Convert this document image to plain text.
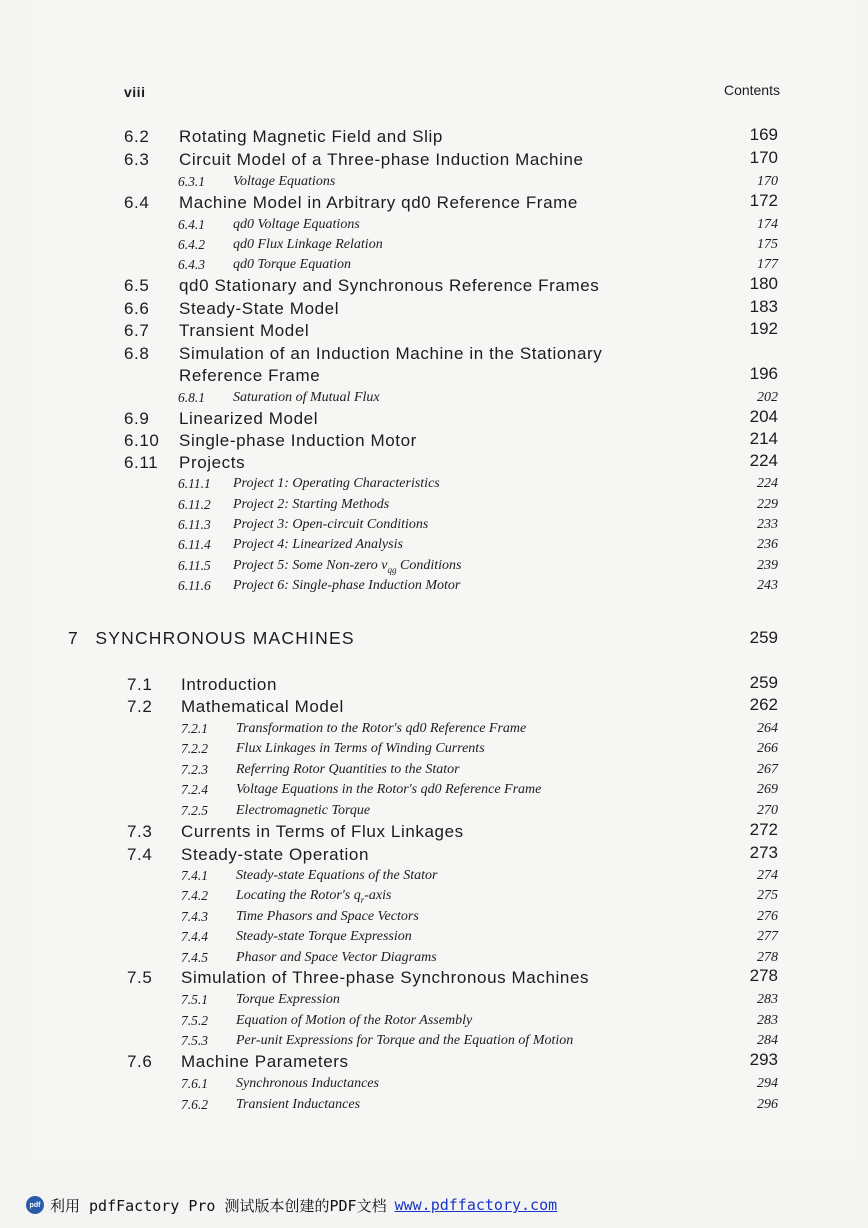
viii	Contents
6.2 Rotating Magnetic Field and Slip	169
6.3 Circuit Model of a Three-phase Induction Machine	170
6.3.1 Voltage Equations	170
6.4 Machine Model in Arbitrary qd0 Reference Frame	172
6.4.1 qd0 Voltage Equations	174
6.4.2 qd0 Flux Linkage Relation	175
6.4.3 qd0 Torque Equation	177
6.5 qd0 Stationary and Synchronous Reference Frames	180
6.6 Steady-State Model	183
6.7 Transient Model	192
6.8 Simulation of an Induction Machine in the Stationary
Reference Frame	196
6.8.1 Saturation of Mutual Flux	202
6.9 Linearized Model	204
6.10 Single-phase Induction Motor	214
6.11 Projects	224
6.11.1 Project 1: Operating Characteristics	224
6.11.2 Project 2: Starting Methods	229
6.11.3 Project 3: Open-circuit Conditions	233
6.11.4 Project 4: Linearized Analysis	236
6.11.5 Project 5: Some Non-zero $v_{qg}$ Conditions	239
6.11.6 Project 6: Single-phase Induction Motor	243
7 SYNCHRONOUS MACHINES	259
7.1 Introduction	259
7.2 Mathematical Model	262
7.2.1 Transformation to the Rotor's qd0 Reference Frame	264
7.2.2 Flux Linkages in Terms of Winding Currents	266
7.2.3 Referring Rotor Quantities to the Stator	267
7.2.4 Voltage Equations in the Rotor's qd0 Reference Frame	269
7.2.5 Electromagnetic Torque	270
7.3 Currents in Terms of Flux Linkages	272
7.4 Steady-state Operation	273
7.4.1 Steady-state Equations of the Stator	274
7.4.2 Locating the Rotor's $q_r$-axis	275
7.4.3 Time Phasors and Space Vectors	276
7.4.4 Steady-state Torque Expression	277
7.4.5 Phasor and Space Vector Diagrams	278
7.5 Simulation of Three-phase Synchronous Machines	278
7.5.1 Torque Expression	283
7.5.2 Equation of Motion of the Rotor Assembly	283
7.5.3 Per-unit Expressions for Torque and the Equation of Motion	284
7.6 Machine Parameters	293
7.6.1 Synchronous Inductances	294
7.6.2 Transient Inductances	296
pdf 利用 pdfFactory Pro 测试版本创建的PDF文档 www.pdffactory.com
